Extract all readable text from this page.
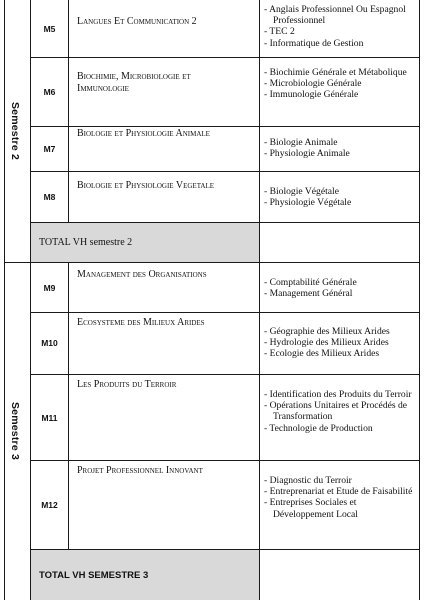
Semestre 2
Semestre 3
M5
Langues Et Communication 2
- Anglais Professionnel Ou Espagnol Professionnel
- TEC 2
- Informatique de Gestion
M6
Biochimie, Microbiologie et Immunologie
- Biochimie Générale et Métabolique
- Microbiologie Générale
- Immunologie Générale
M7
Biologie et Physiologie Animale
- Biologie Animale
- Physiologie Animale
M8
Biologie et Physiologie Vegetale
- Biologie Végétale
- Physiologie Végétale
TOTAL VH semestre 2
M9
Management des Organisations
- Comptabilité Générale
- Management Général
M10
Ecosysteme des Milieux Arides
- Géographie des Milieux Arides
- Hydrologie des Milieux Arides
- Ecologie des Milieux Arides
M11
Les Produits du Terroir
- Identification des Produits du Terroir
- Opérations Unitaires et Procédés de Transformation
- Technologie de Production
M12
Projet Professionnel Innovant
- Diagnostic du Terroir
- Entreprenariat et Etude de Faisabilité
- Entreprises Sociales et Développement Local
TOTAL VH SEMESTRE 3
